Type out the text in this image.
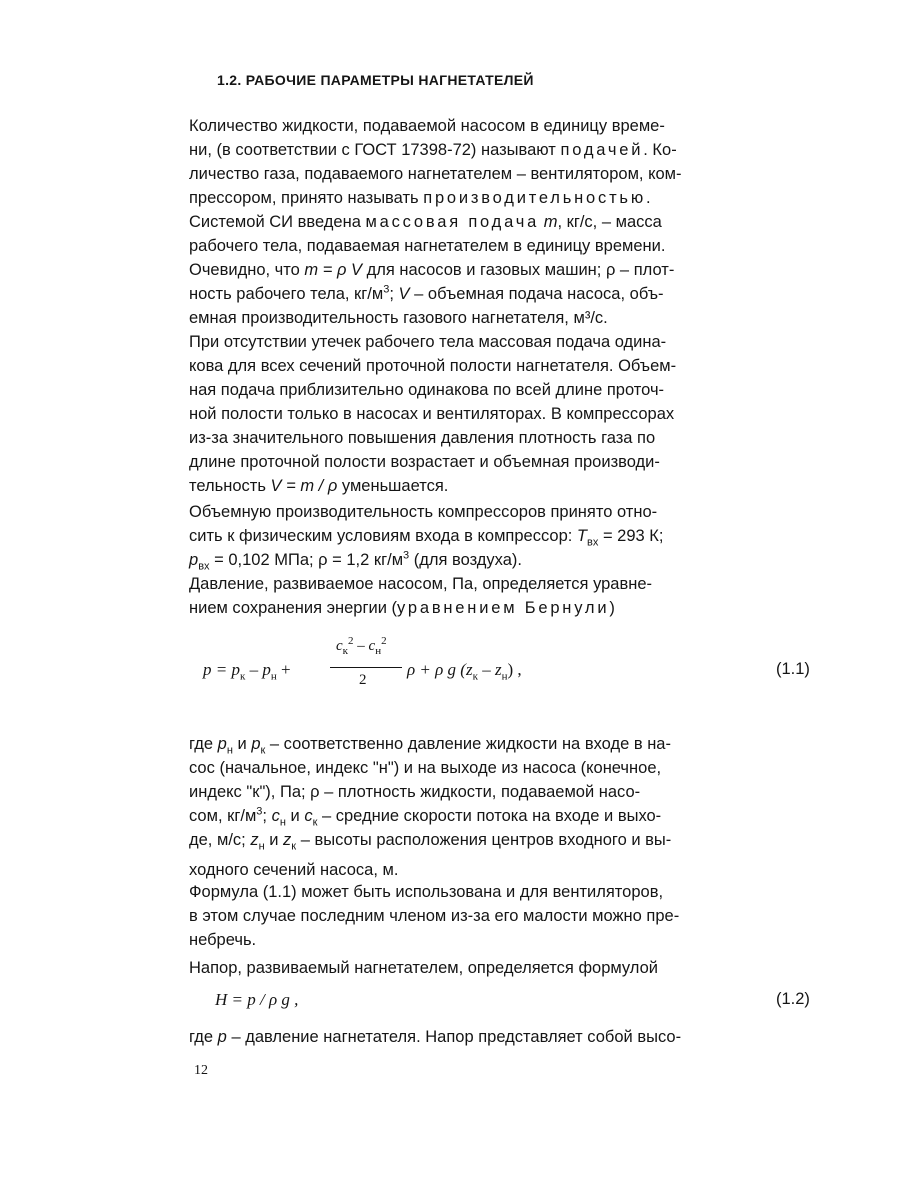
1.2. РАБОЧИЕ ПАРАМЕТРЫ НАГНЕТАТЕЛЕЙ
Количество жидкости, подаваемой насосом в единицу време-
ни, (в соответствии с ГОСТ 17398-72) называют подачей. Ко-
личество газа, подаваемого нагнетателем – вентилятором, ком-
прессором, принято называть производительностью.
Системой СИ введена массовая подача m, кг/с, – масса
рабочего тела, подаваемая нагнетателем в единицу времени.
Очевидно, что m = ρ V для насосов и газовых машин; ρ – плот-
ность рабочего тела, $кг/м^3$; V – объемная подача насоса, объ-
емная производительность газового нагнетателя, м³/с.
При отсутствии утечек рабочего тела массовая подача одина-
кова для всех сечений проточной полости нагнетателя. Объем-
ная подача приблизительно одинакова по всей длине проточ-
ной полости только в насосах и вентиляторах. В компрессорах
из-за значительного повышения давления плотность газа по
длине проточной полости возрастает и объемная производи-
тельность V = m / ρ уменьшается.
Объемную производительность компрессоров принято отно-
сить к физическим условиям входа в компрессор: $T_{вх} = 293$ К;
$p_{вх} = 0,102$ МПа; ρ = 1,2 $кг/м^3$ (для воздуха).
Давление, развиваемое насосом, Па, определяется уравне-
нием сохранения энергии (уравнением Бернули)
$p = p_к - p_н$ +
$c_к^2 - c_н^2$
2
ρ + ρ g $(z_к - z_н)$ ,	(1.1)
где $p_н$ и $p_к$ – соответственно давление жидкости на входе в на-
сос (начальное, индекс "н") и на выходе из насоса (конечное,
индекс "к"), Па; ρ – плотность жидкости, подаваемой насо-
сом, $кг/м^3$; $c_н$ и $c_к$ – средние скорости потока на входе и выхо-
де, м/с; $z_н$ и $z_к$ – высоты расположения центров входного и вы-
ходного сечений насоса, м.
Формула (1.1) может быть использована и для вентиляторов,
в этом случае последним членом из-за его малости можно пре-
небречь.
Напор, развиваемый нагнетателем, определяется формулой
H = p / ρ g ,	(1.2)
где p – давление нагнетателя. Напор представляет собой высо-
12
